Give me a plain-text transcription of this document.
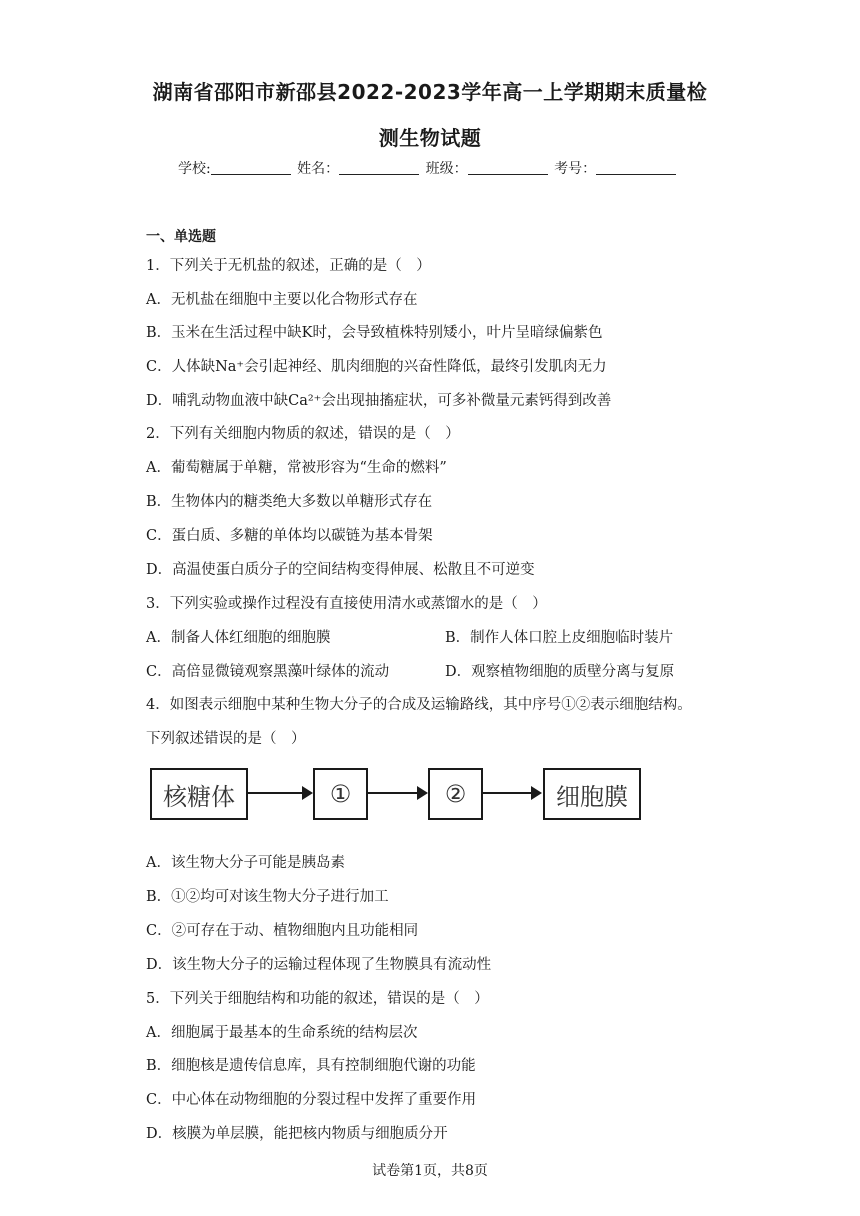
湖南省邵阳市新邵县2022-2023学年高一上学期期末质量检
测生物试题
学校:	姓名：	班级：	考号：
一、单选题
1．下列关于无机盐的叙述，正确的是（　）
A．无机盐在细胞中主要以化合物形式存在
B．玉米在生活过程中缺K时，会导致植株特别矮小，叶片呈暗绿偏紫色
C．人体缺Na⁺会引起神经、肌肉细胞的兴奋性降低，最终引发肌肉无力
D．哺乳动物血液中缺Ca²⁺会出现抽搐症状，可多补微量元素钙得到改善
2．下列有关细胞内物质的叙述，错误的是（　）
A．葡萄糖属于单糖，常被形容为“生命的燃料”
B．生物体内的糖类绝大多数以单糖形式存在
C．蛋白质、多糖的单体均以碳链为基本骨架
D．高温使蛋白质分子的空间结构变得伸展、松散且不可逆变
3．下列实验或操作过程没有直接使用清水或蒸馏水的是（　）
A．制备人体红细胞的细胞膜	B．制作人体口腔上皮细胞临时装片
C．高倍显微镜观察黑藻叶绿体的流动	D．观察植物细胞的质壁分离与复原
4．如图表示细胞中某种生物大分子的合成及运输路线，其中序号①②表示细胞结构。
下列叙述错误的是（　）
核糖体	①	②	细胞膜
A．该生物大分子可能是胰岛素
B．①②均可对该生物大分子进行加工
C．②可存在于动、植物细胞内且功能相同
D．该生物大分子的运输过程体现了生物膜具有流动性
5．下列关于细胞结构和功能的叙述，错误的是（　）
A．细胞属于最基本的生命系统的结构层次
B．细胞核是遗传信息库，具有控制细胞代谢的功能
C．中心体在动物细胞的分裂过程中发挥了重要作用
D．核膜为单层膜，能把核内物质与细胞质分开
试卷第1页，共8页
